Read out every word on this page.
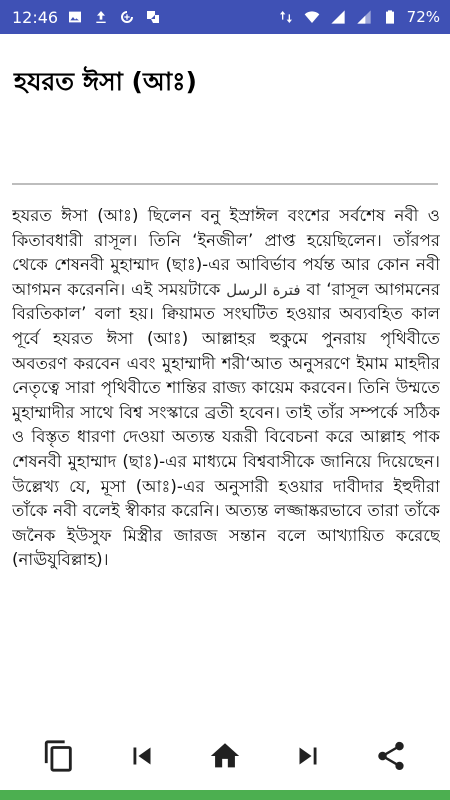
12:46	72%
হযরত ঈসা (আঃ)
হযরত ঈসা (আঃ) ছিলেন বনু ইস্রাঈল বংশের সর্বশেষ নবী ও কিতাবধারী রাসূল। তিনি ‘ইনজীল’ প্রাপ্ত হয়েছিলেন। তাঁরপর থেকে শেষনবী মুহাম্মাদ (ছাঃ)-এর আবির্ভাব পর্যন্ত আর কোন নবী আগমন করেননি। এই সময়টাকে فترة الرسل বা ‘রাসূল আগমনের বিরতিকাল’ বলা হয়। ক্বিয়ামত সংঘটিত হওয়ার অব্যবহিত কাল পূর্বে হযরত ঈসা (আঃ) আল্লাহর হুকুমে পুনরায় পৃথিবীতে অবতরণ করবেন এবং মুহাম্মাদী শরী‘আত অনুসরণে ইমাম মাহদীর নেতৃত্বে সারা পৃথিবীতে শান্তির রাজ্য কায়েম করবেন। তিনি উম্মতে মুহাম্মাদীর সাথে বিশ্ব সংস্কারে ব্রতী হবেন। তাই তাঁর সম্পর্কে সঠিক ও বিস্তৃত ধারণা দেওয়া অত্যন্ত যরূরী বিবেচনা করে আল্লাহ পাক শেষনবী মুহাম্মাদ (ছাঃ)-এর মাধ্যমে বিশ্ববাসীকে জানিয়ে দিয়েছেন। উল্লেখ্য যে, মূসা (আঃ)-এর অনুসারী হওয়ার দাবীদার ইহুদীরা তাঁকে নবী বলেই স্বীকার করেনি। অত্যন্ত লজ্জাষ্করভাবে তারা তাঁকে জনৈক ইউসুফ মিস্ত্রীর জারজ সন্তান বলে আখ্যায়িত করেছে (নাঊযুবিল্লাহ)।
